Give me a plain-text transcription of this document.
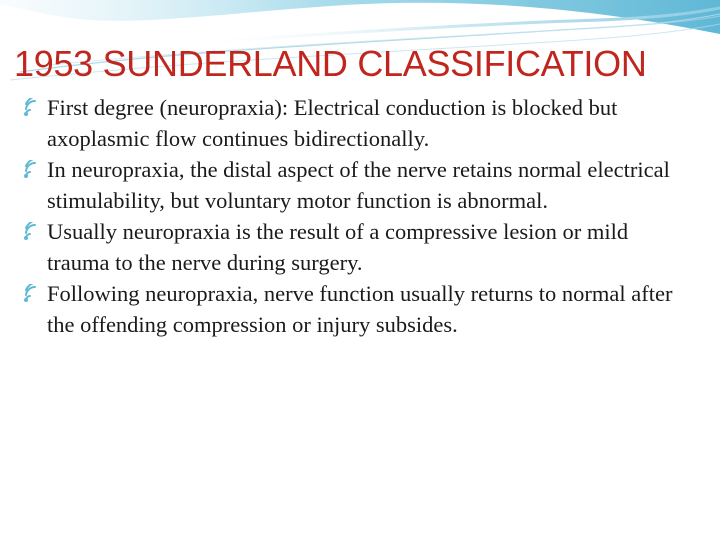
1953 SUNDERLAND CLASSIFICATION
First degree (neuropraxia): Electrical conduction is blocked but axoplasmic flow continues bidirectionally.
In neuropraxia, the distal aspect of the nerve retains normal electrical stimulability, but voluntary motor function is abnormal.
Usually neuropraxia is the result of a compressive lesion or mild trauma to the nerve during surgery.
Following neuropraxia, nerve function usually returns to normal after the offending compression or injury subsides.
